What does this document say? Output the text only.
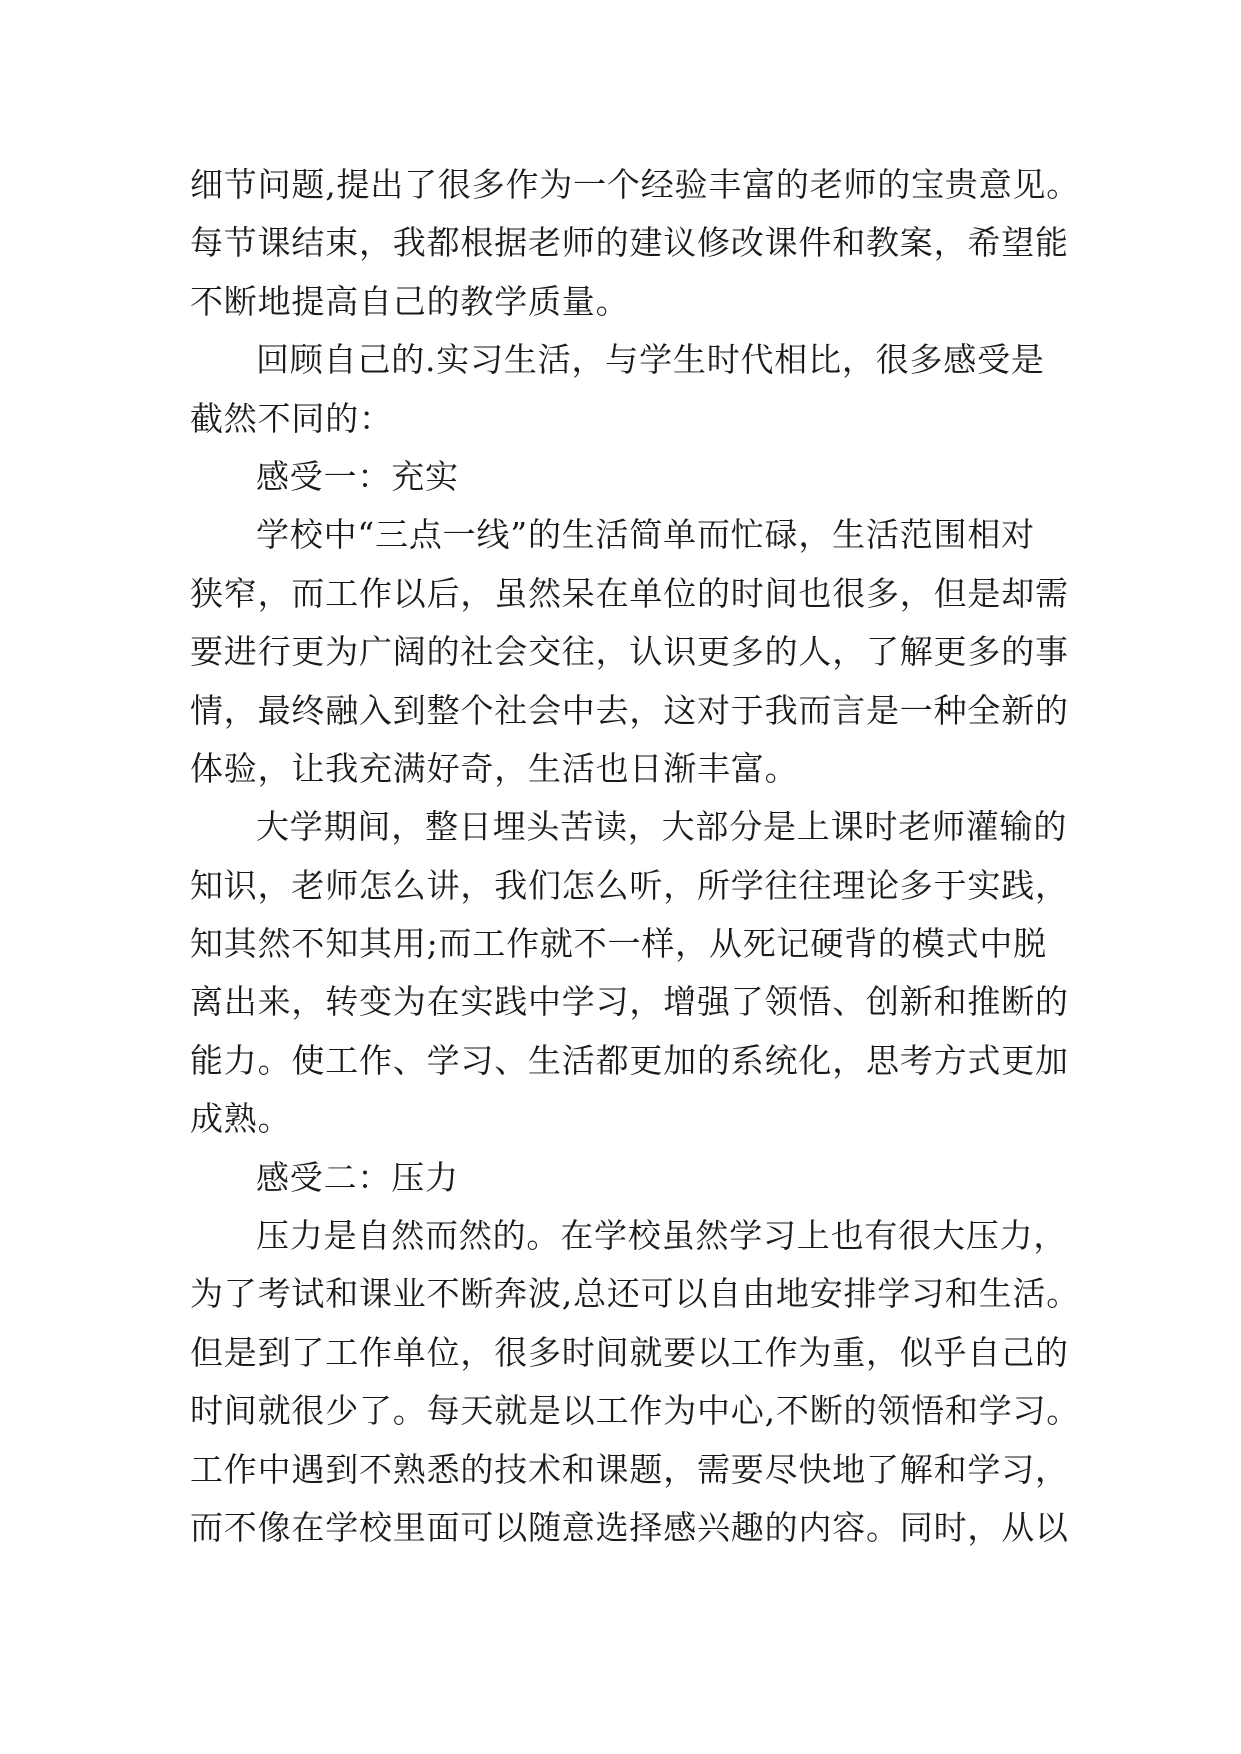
细节问题,提出了很多作为一个经验丰富的老师的宝贵意见。
每节课结束，我都根据老师的建议修改课件和教案，希望能
不断地提高自己的教学质量。
回顾自己的.实习生活，与学生时代相比，很多感受是
截然不同的：
感受一：充实
学校中“三点一线”的生活简单而忙碌，生活范围相对
狭窄，而工作以后，虽然呆在单位的时间也很多，但是却需
要进行更为广阔的社会交往，认识更多的人，了解更多的事
情，最终融入到整个社会中去，这对于我而言是一种全新的
体验，让我充满好奇，生活也日渐丰富。
大学期间，整日埋头苦读，大部分是上课时老师灌输的
知识，老师怎么讲，我们怎么听，所学往往理论多于实践，
知其然不知其用;而工作就不一样，从死记硬背的模式中脱
离出来，转变为在实践中学习，增强了领悟、创新和推断的
能力。使工作、学习、生活都更加的系统化，思考方式更加
成熟。
感受二：压力
压力是自然而然的。在学校虽然学习上也有很大压力，
为了考试和课业不断奔波,总还可以自由地安排学习和生活。
但是到了工作单位，很多时间就要以工作为重，似乎自己的
时间就很少了。每天就是以工作为中心,不断的领悟和学习。
工作中遇到不熟悉的技术和课题，需要尽快地了解和学习，
而不像在学校里面可以随意选择感兴趣的内容。同时，从以
